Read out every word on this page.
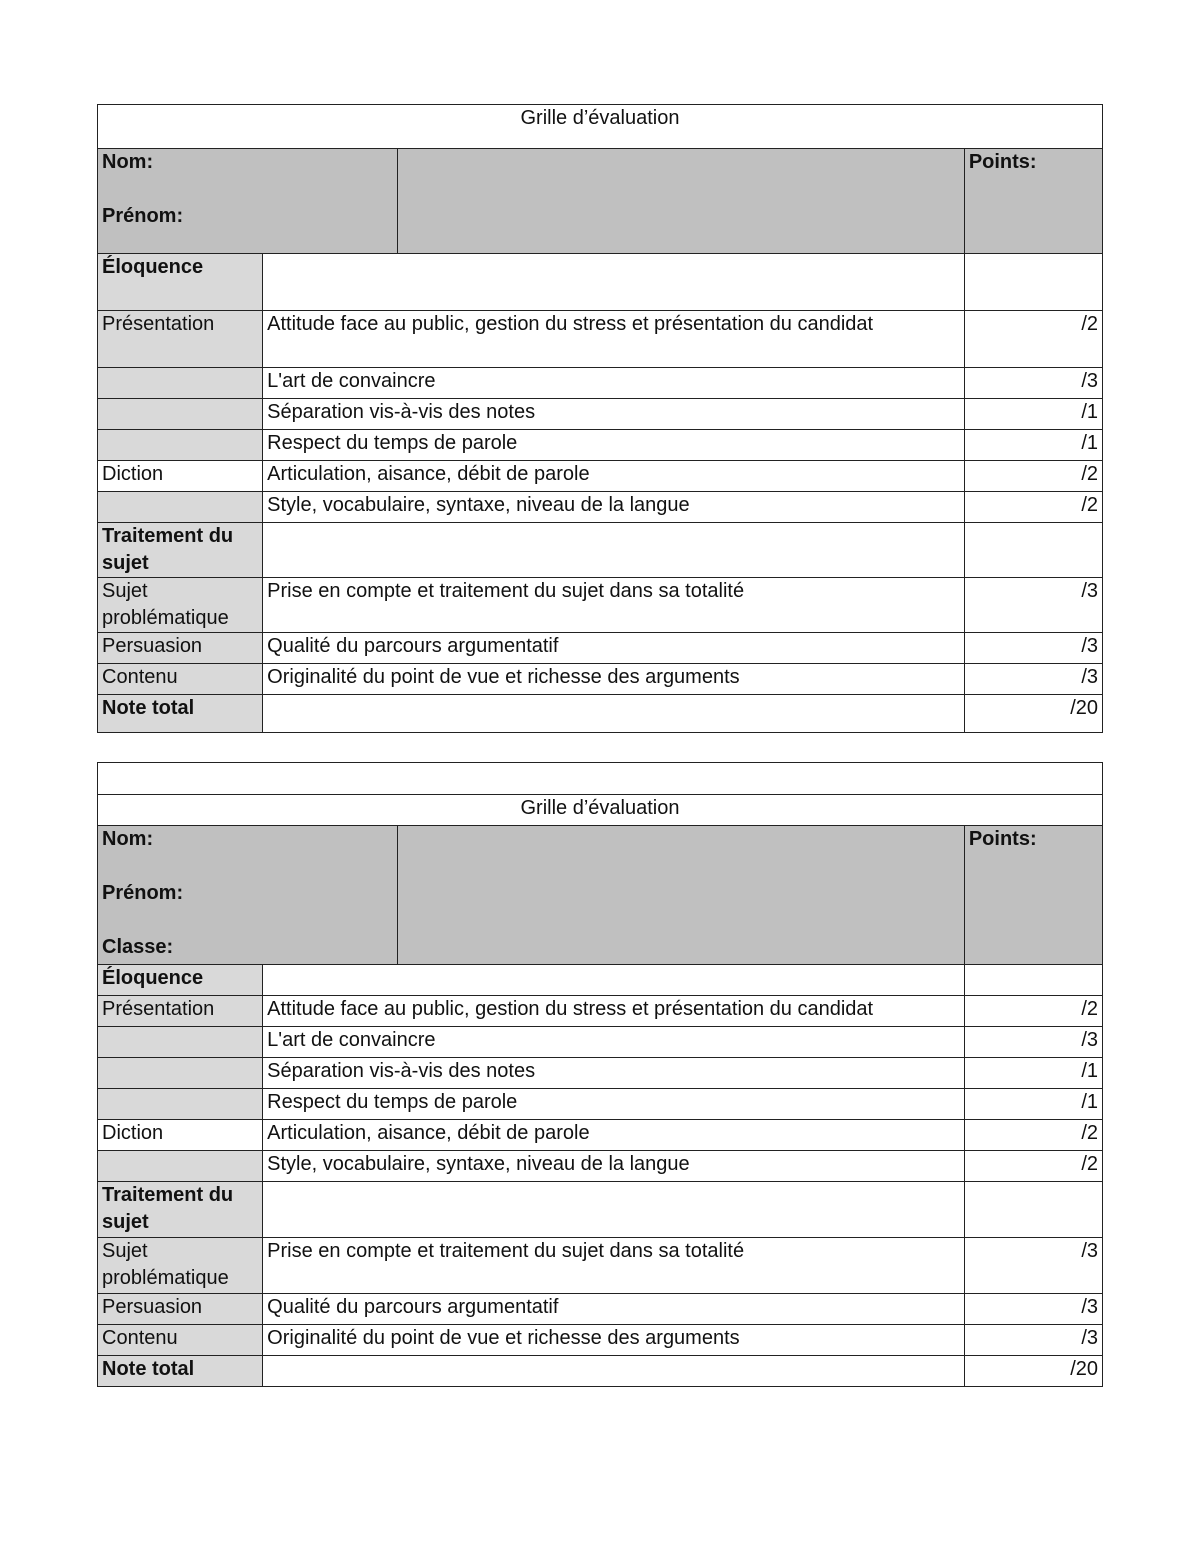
Grille d’évaluation			

Nom:

Prénom:			Points:
Éloquence			
Présentation	Attitude face au public, gestion du stress et présentation du candidat		/2
	L'art de convaincre		/3
	Séparation vis-à-vis des notes		/1
	Respect du temps de parole		/1
Diction	Articulation, aisance, débit de parole		/2
	Style, vocabulaire, syntaxe, niveau de la langue		/2

Traitement du
sujet			

Sujet
problématique	Prise en compte et traitement du sujet dans sa totalité		/3
Persuasion	Qualité du parcours argumentatif		/3
Contenu	Originalité du point de vue et richesse des arguments		/3
Note total			/20

Grille d’évaluation			

Nom:

Prénom:

Classe:			Points:
Éloquence			
Présentation	Attitude face au public, gestion du stress et présentation du candidat		/2
	L'art de convaincre		/3
	Séparation vis-à-vis des notes		/1
	Respect du temps de parole		/1
Diction	Articulation, aisance, débit de parole		/2
	Style, vocabulaire, syntaxe, niveau de la langue		/2

Traitement du
sujet			

Sujet
problématique	Prise en compte et traitement du sujet dans sa totalité		/3
Persuasion	Qualité du parcours argumentatif		/3
Contenu	Originalité du point de vue et richesse des arguments		/3
Note total			/20
